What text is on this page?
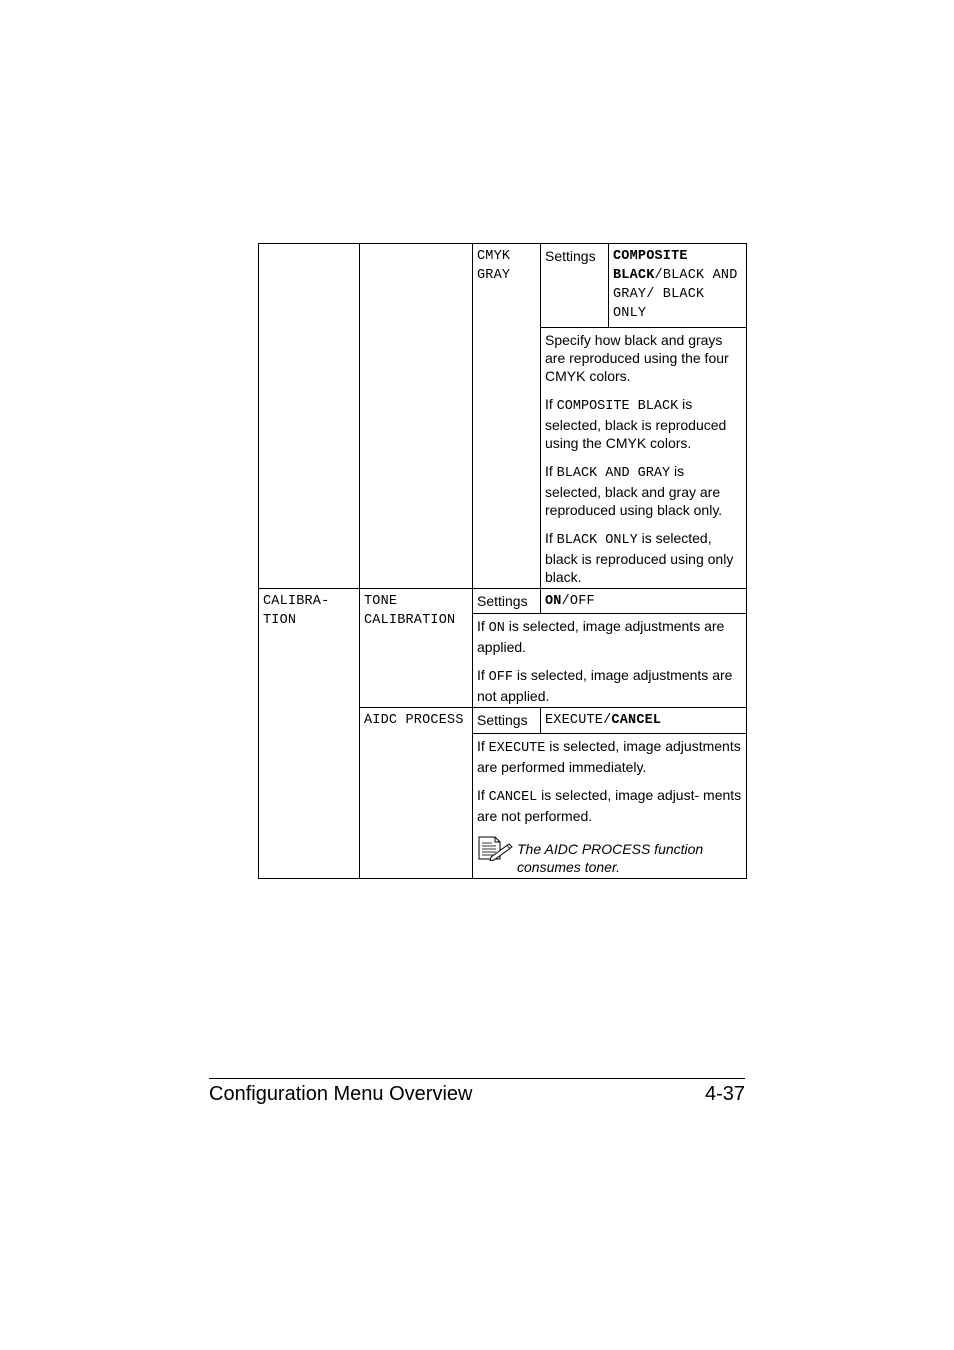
		CMYK GRAY	Settings	COMPOSITE BLACK/BLACK AND GRAY/ BLACK ONLY

			Specify how black and grays are reproduced using the four CMYK colors.

If COMPOSITE BLACK is selected, black is reproduced using the CMYK colors.

If BLACK AND GRAY is selected, black and gray are reproduced using black only.

If BLACK ONLY is selected, black is reproduced using only black.	

CALIBRA- TION	TONE CALIBRATION	Settings	ON/OFF	

		If ON is selected, image adjustments are applied.

If OFF is selected, image adjustments are not applied.		

	AIDC PROCESS	Settings	EXECUTE/CANCEL	

		If EXECUTE is selected, image adjustments are performed immediately.

If CANCEL is selected, image adjust- ments are not performed.

The AIDC PROCESS function consumes toner.		
Configuration Menu Overview	4-37
